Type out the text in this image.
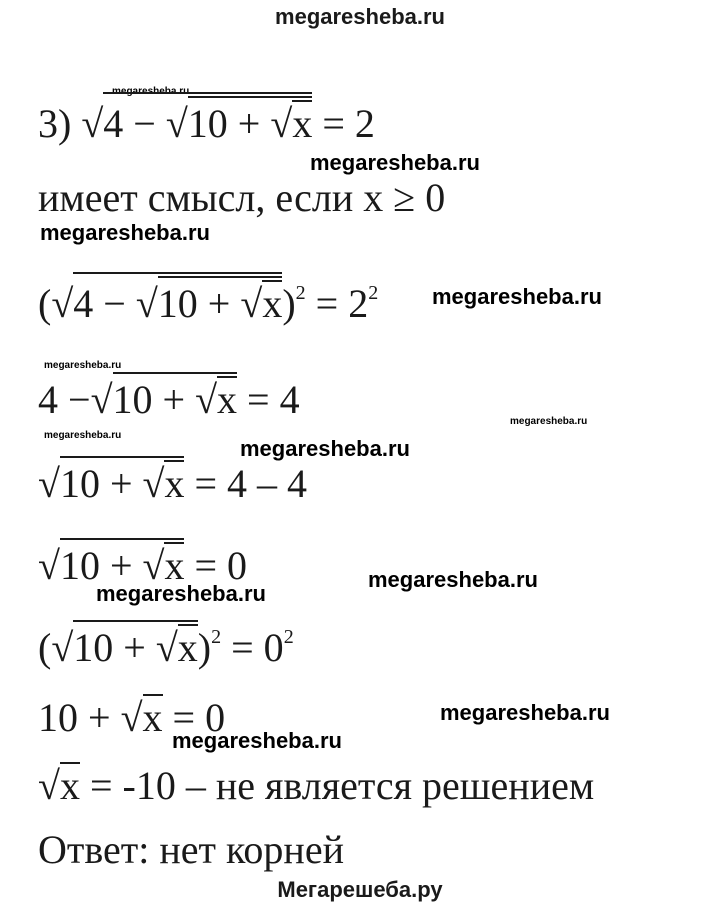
megaresheba.ru
megaresheba.ru
megaresheba.ru
megaresheba.ru
megaresheba.ru
megaresheba.ru
megaresheba.ru
megaresheba.ru
megaresheba.ru
megaresheba.ru
megaresheba.ru
megaresheba.ru
megaresheba.ru
3) √4 − √10 + √x = 2
имеет смысл, если x ≥ 0
$(√4 - √10 + √x)^2 = 2^2$
4 −√10 + √x = 4
√10 + √x = 4 – 4
√10 + √x = 0
$(√10 + √x)^2 = 0^2$
10 + √x = 0
√x = -10 – не является решением
Ответ: нет корней
Мегарешеба.ру
